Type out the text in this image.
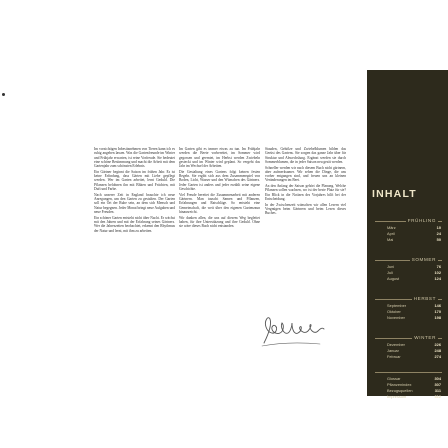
Im vorsichtigen Inbesitznehmen von Tieren kann ich es ruhig angehen lassen. Was die Gartenfreunde im Winter und Frühjahr erwarten, ist reine Vorfreude. Sie bedeutet eine schöne Bestimmung und macht die Arbeit mit dem Gartenjahr zum schönsten Erlebnis.

Ein Gärtner beginnt die Saison im frühen Jahr. Es ist keine Erfindung, dass Gärten mit Liebe gepflegt werden. Wer im Garten arbeitet, lernt Geduld. Die Pflanzen belohnen ihn mit Blüten und Früchten, mit Duft und Farbe.

Nach unserer Zeit in England brauchte ich neue Anregungen, um den Garten zu gestalten. Der Garten soll ein Ort der Ruhe sein, an dem sich Mensch und Natur begegnen. Jeder Monat bringt neue Aufgaben und neue Freuden.

Ein schöner Garten entsteht nicht über Nacht. Er wächst mit den Jahren und mit der Erfahrung seines Gärtners. Wer die Jahreszeiten beobachtet, erkennt den Rhythmus der Natur und lernt, mit ihm zu arbeiten.

Im Garten gibt es immer etwas zu tun. Im Frühjahr werden die Beete vorbereitet, im Sommer wird gegossen und geerntet, im Herbst werden Zwiebeln gesteckt und im Winter wird geplant. So vergeht das Jahr im Wechsel der Arbeiten.

Die Gestaltung eines Gartens folgt keinen festen Regeln. Sie ergibt sich aus dem Zusammenspiel von Boden, Licht, Wasser und den Wünschen des Gärtners. Jeder Garten ist anders und jeder erzählt seine eigene Geschichte.

Viel Freude bereitet die Zusammenarbeit mit anderen Gärtnern. Man tauscht Samen und Pflanzen, Erfahrungen und Ratschläge. So entsteht eine Gemeinschaft, die weit über den eigenen Gartenzaun hinausreicht.

Wir danken allen, die uns auf diesem Weg begleitet haben, für ihre Unterstützung und ihre Geduld. Ohne sie wäre dieses Buch nicht entstanden.

Stauden, Gehölze und Zwiebelblumen bilden das Gerüst des Gartens. Sie sorgen das ganze Jahr über für Struktur und Abwechslung. Ergänzt werden sie durch Sommerblumen, die in jeder Saison neu gesät werden.

Schneller werden wir nach diesem Buch nicht gärtnern, aber aufmerksamer. Wir sehen die Dinge, die uns vorher entgangen sind, und freuen uns an kleinen Veränderungen im Beet.

An den Anfang der Saison gehört die Planung. Welche Pflanzen sollen wachsen, wo ist der beste Platz für sie? Ein Blick in die Notizen des Vorjahres hilft bei der Entscheidung.

In der Zwischenzeit wünschen wir allen Lesern viel Vergnügen beim Gärtnern und beim Lesen dieses Buches.

INHALT
FRÜHLING
März	10
April	24
Mai	50
SOMMER
Juni	76
Juli	102
August	124
HERBST
September	146
Oktober	170
November	198
WINTER
Dezember	226
Januar	248
Februar	274
Glossar	304
Pflanzenindex	307
Bezugsquellen	311
Impressum	312
